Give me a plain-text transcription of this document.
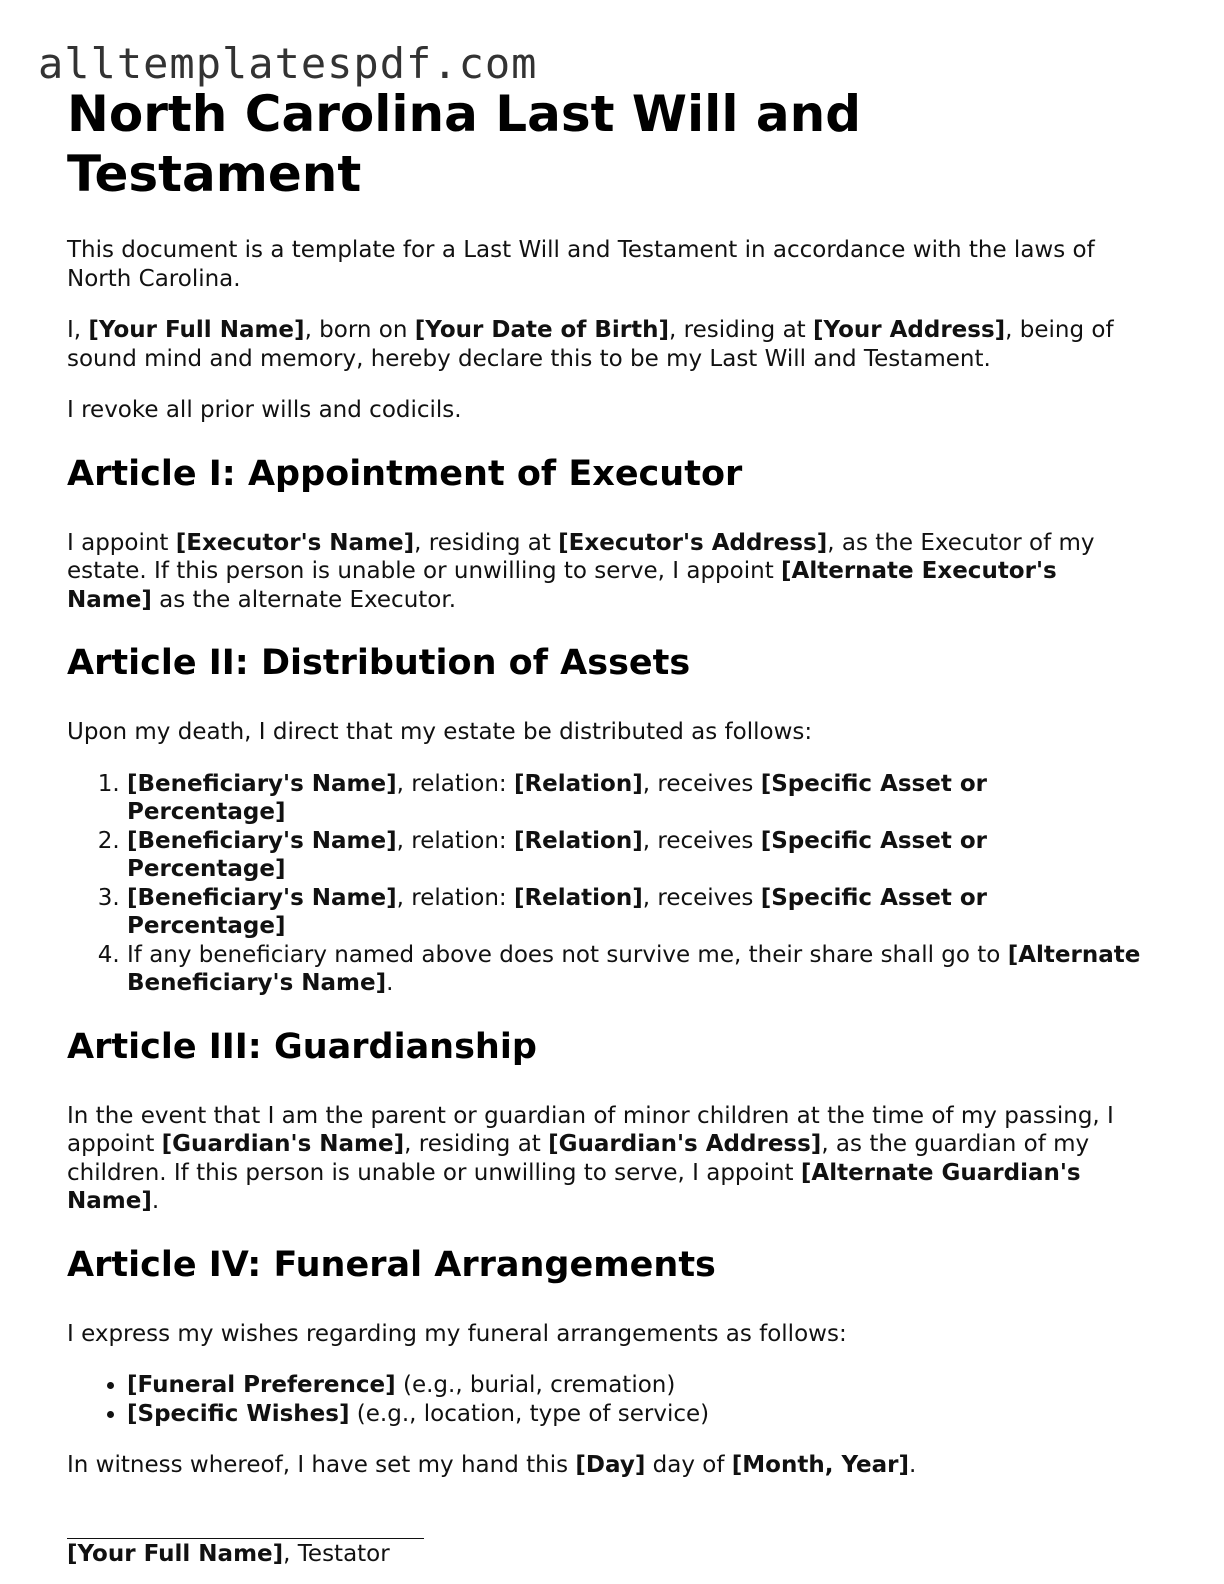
alltemplatespdf.com
North Carolina Last Will and Testament

This document is a template for a Last Will and Testament in accordance with the laws of North Carolina.

I, [Your Full Name], born on [Your Date of Birth], residing at [Your Address], being of sound mind and memory, hereby declare this to be my Last Will and Testament.

I revoke all prior wills and codicils.

Article I: Appointment of Executor

I appoint [Executor's Name], residing at [Executor's Address], as the Executor of my estate. If this person is unable or unwilling to serve, I appoint [Alternate Executor's Name] as the alternate Executor.

Article II: Distribution of Assets

Upon my death, I direct that my estate be distributed as follows:

1. [Beneficiary's Name], relation: [Relation], receives [Specific Asset or Percentage]
2. [Beneficiary's Name], relation: [Relation], receives [Specific Asset or Percentage]
3. [Beneficiary's Name], relation: [Relation], receives [Specific Asset or Percentage]
4. If any beneficiary named above does not survive me, their share shall go to [Alternate Beneficiary's Name].
Article III: Guardianship

In the event that I am the parent or guardian of minor children at the time of my passing, I appoint [Guardian's Name], residing at [Guardian's Address], as the guardian of my children. If this person is unable or unwilling to serve, I appoint [Alternate Guardian's Name].

Article IV: Funeral Arrangements

I express my wishes regarding my funeral arrangements as follows:

• [Funeral Preference] (e.g., burial, cremation)
• [Specific Wishes] (e.g., location, type of service)

In witness whereof, I have set my hand this [Day] day of [Month, Year].

[Your Full Name], Testator
